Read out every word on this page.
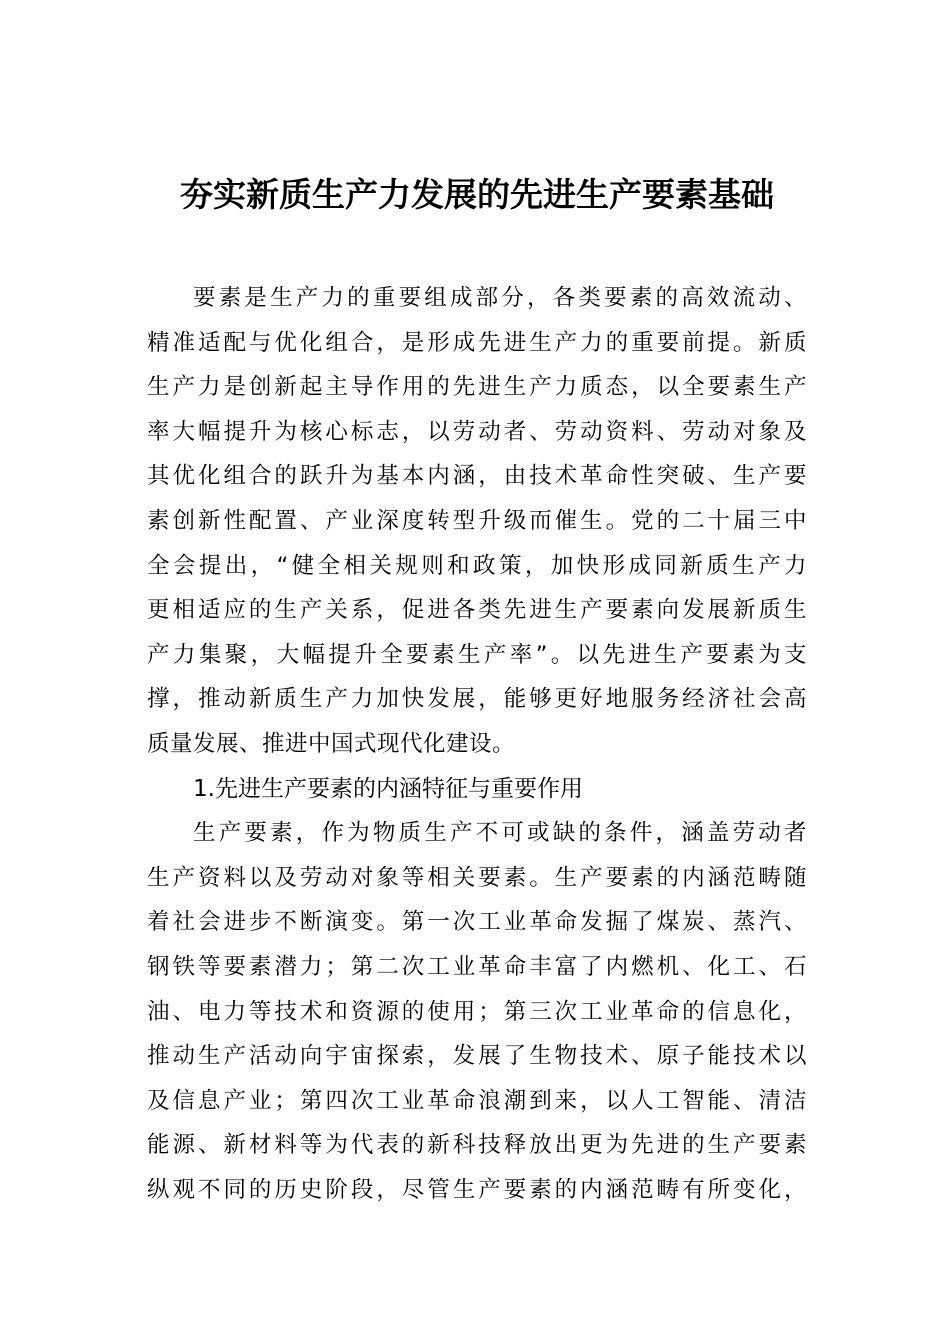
夯实新质生产力发展的先进生产要素基础
要素是生产力的重要组成部分，各类要素的高效流动、
精准适配与优化组合，是形成先进生产力的重要前提。新质
生产力是创新起主导作用的先进生产力质态，以全要素生产
率大幅提升为核心标志，以劳动者、劳动资料、劳动对象及
其优化组合的跃升为基本内涵，由技术革命性突破、生产要
素创新性配置、产业深度转型升级而催生。党的二十届三中
全会提出，“健全相关规则和政策，加快形成同新质生产力
更相适应的生产关系，促进各类先进生产要素向发展新质生
产力集聚，大幅提升全要素生产率”。以先进生产要素为支
撑，推动新质生产力加快发展，能够更好地服务经济社会高
质量发展、推进中国式现代化建设。
1.先进生产要素的内涵特征与重要作用
生产要素，作为物质生产不可或缺的条件，涵盖劳动者
生产资料以及劳动对象等相关要素。生产要素的内涵范畴随
着社会进步不断演变。第一次工业革命发掘了煤炭、蒸汽、
钢铁等要素潜力；第二次工业革命丰富了内燃机、化工、石
油、电力等技术和资源的使用；第三次工业革命的信息化，
推动生产活动向宇宙探索，发展了生物技术、原子能技术以
及信息产业；第四次工业革命浪潮到来，以人工智能、清洁
能源、新材料等为代表的新科技释放出更为先进的生产要素
纵观不同的历史阶段，尽管生产要素的内涵范畴有所变化，
